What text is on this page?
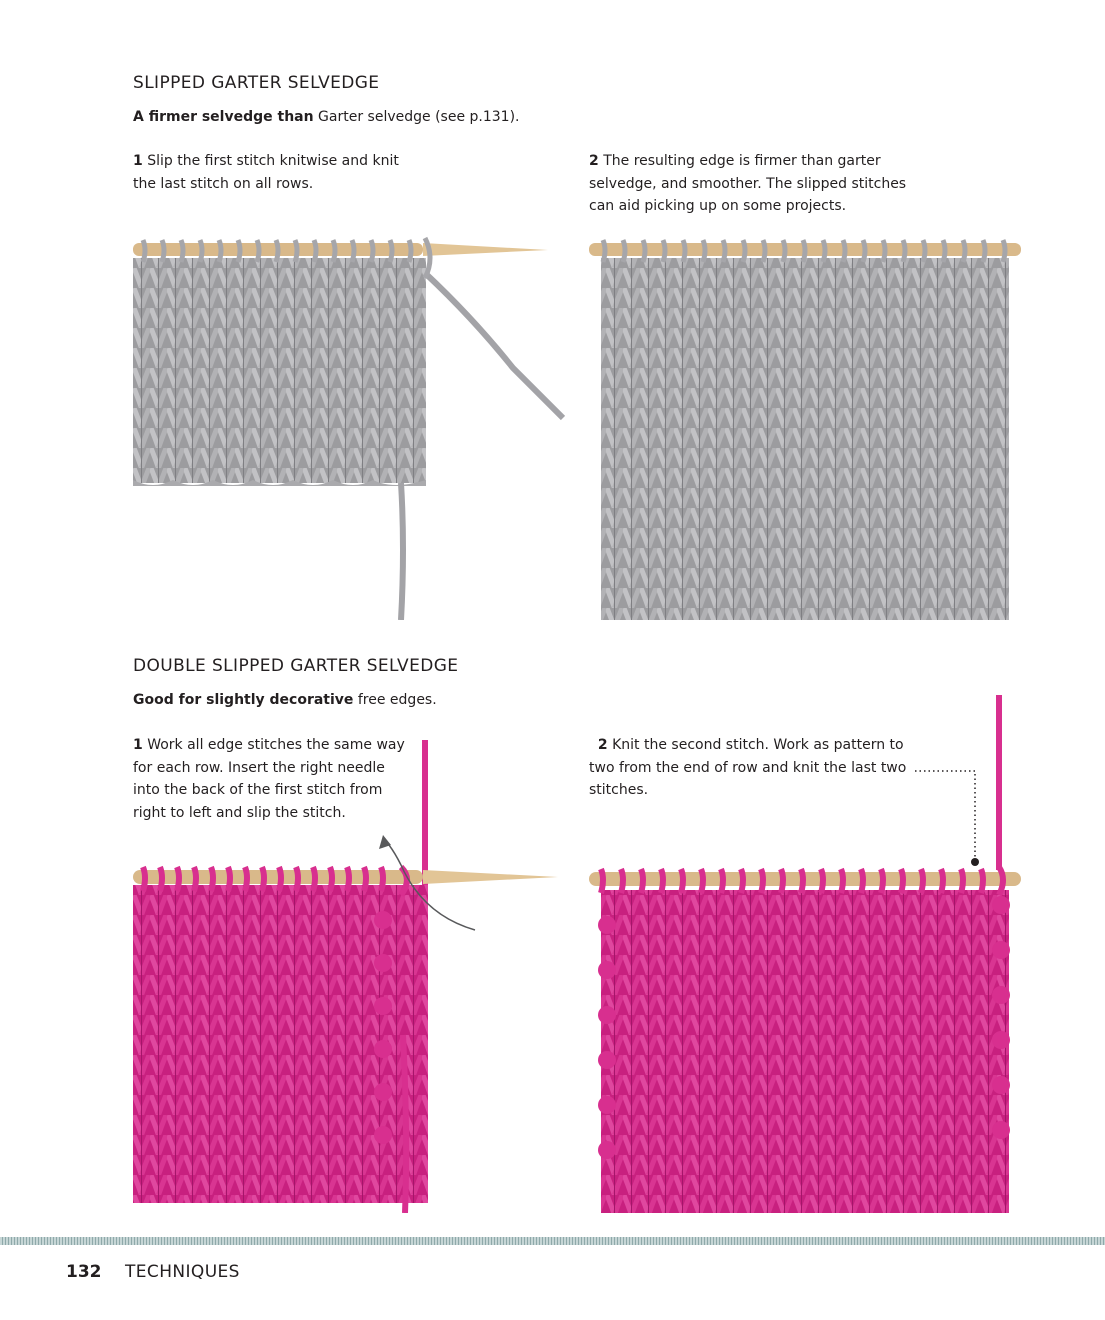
SLIPPED GARTER SELVEDGE
A firmer selvedge than Garter selvedge (see p.131).
1 Slip the first stitch knitwise and knit the last stitch on all rows.
2 The resulting edge is firmer than garter selvedge, and smoother. The slipped stitches can aid picking up on some projects.
DOUBLE SLIPPED GARTER SELVEDGE
Good for slightly decorative free edges.
1 Work all edge stitches the same way for each row. Insert the right needle into the back of the first stitch from right to left and slip the stitch.
2 Knit the second stitch. Work as pattern to two from the end of row and knit the last two stitches.
132 TECHNIQUES
